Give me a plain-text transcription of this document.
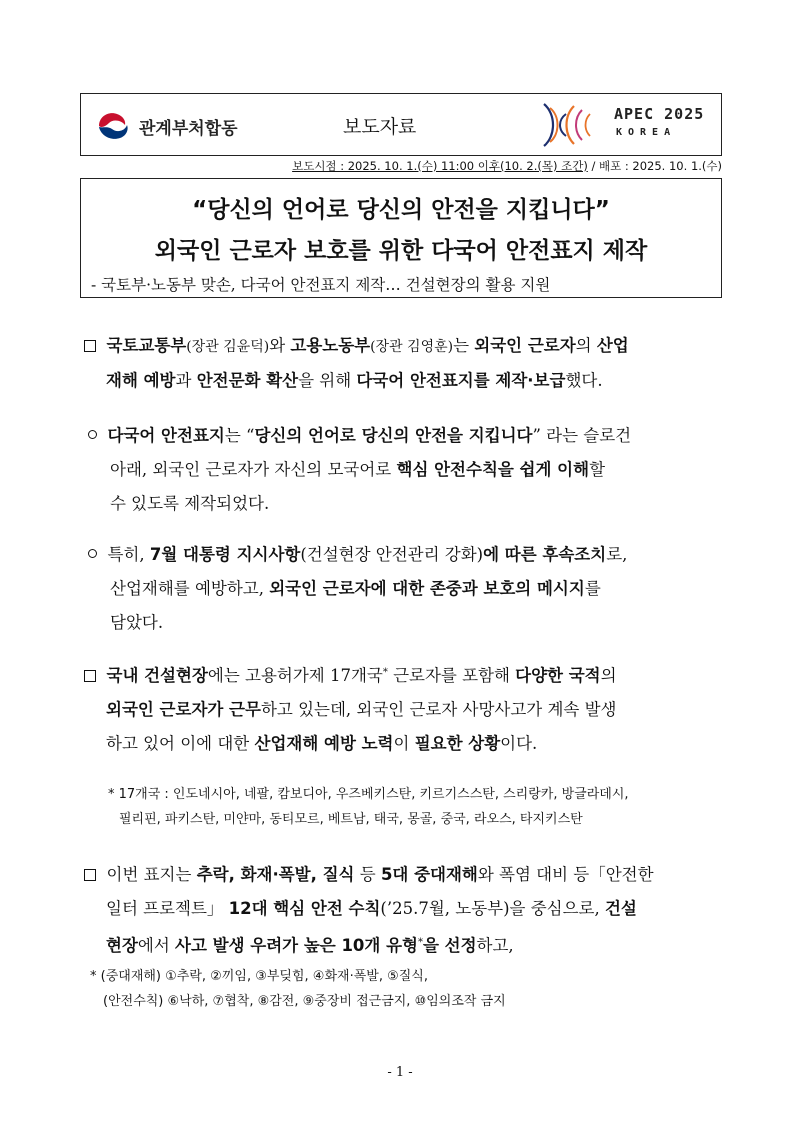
관계부처합동	보도자료
APEC 2025
KOREA
보도시점 : 2025. 10. 1.(수) 11:00 이후(10. 2.(목) 조간) / 배포 : 2025. 10. 1.(수)
“당신의 언어로 당신의 안전을 지킵니다”
외국인 근로자 보호를 위한 다국어 안전표지 제작
- 국토부·노동부 맞손, 다국어 안전표지 제작… 건설현장의 활용 지원
국토교통부(장관 김윤덕)와 고용노동부(장관 김영훈)는 외국인 근로자의 산업
재해 예방과 안전문화 확산을 위해 다국어 안전표지를 제작·보급했다.
다국어 안전표지는 “당신의 언어로 당신의 안전을 지킵니다” 라는 슬로건
아래, 외국인 근로자가 자신의 모국어로 핵심 안전수칙을 쉽게 이해할
수 있도록 제작되었다.
특히, 7월 대통령 지시사항(건설현장 안전관리 강화)에 따른 후속조치로,
산업재해를 예방하고, 외국인 근로자에 대한 존중과 보호의 메시지를
담았다.
국내 건설현장에는 고용허가제 17개국* 근로자를 포함해 다양한 국적의
외국인 근로자가 근무하고 있는데, 외국인 근로자 사망사고가 계속 발생
하고 있어 이에 대한 산업재해 예방 노력이 필요한 상황이다.
* 17개국 : 인도네시아, 네팔, 캄보디아, 우즈베키스탄, 키르기스스탄, 스리랑카, 방글라데시,
필리핀, 파키스탄, 미얀마, 동티모르, 베트남, 태국, 몽골, 중국, 라오스, 타지키스탄
이번 표지는 추락, 화재·폭발, 질식 등 5대 중대재해와 폭염 대비 등「안전한
일터 프로젝트」 12대 핵심 안전 수칙(’25.7월, 노동부)을 중심으로, 건설
현장에서 사고 발생 우려가 높은 10개 유형*을 선정하고,
* (중대재해) ①추락, ②끼임, ③부딪힘, ④화재·폭발, ⑤질식,
(안전수칙) ⑥낙하, ⑦협착, ⑧감전, ⑨중장비 접근금지, ⑩임의조작 금지
- 1 -
